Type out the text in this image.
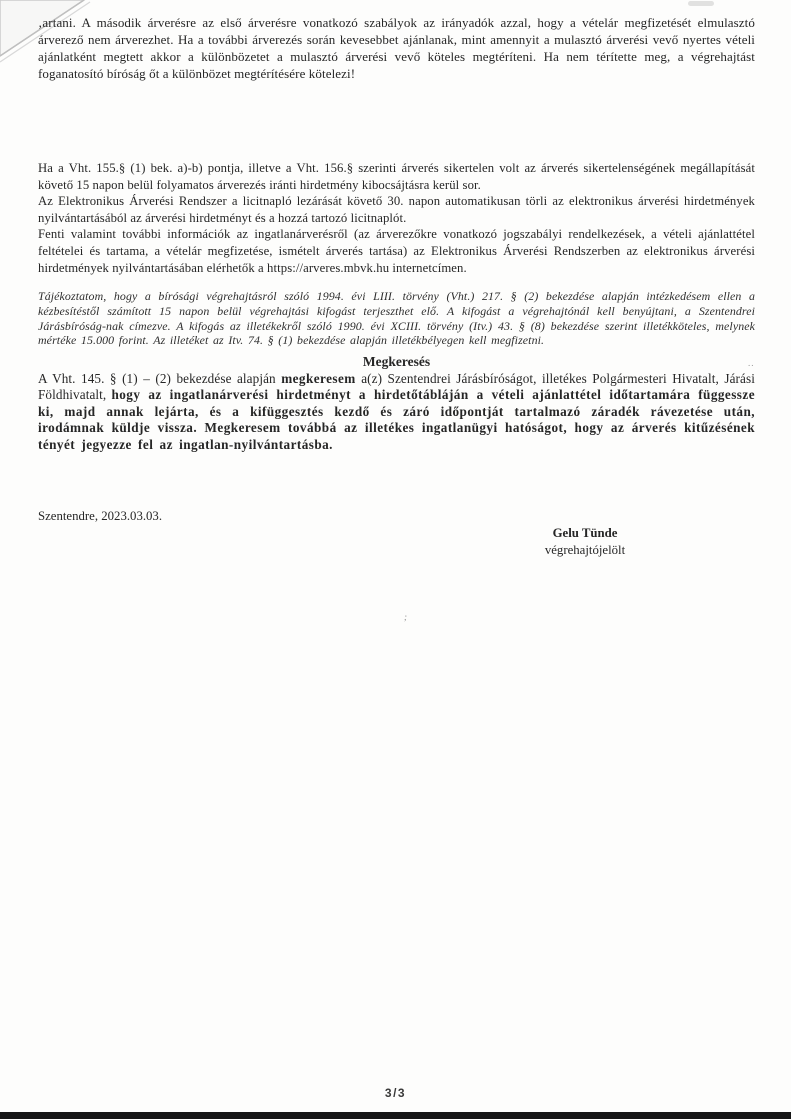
‚artani. A második árverésre az első árverésre vonatkozó szabályok az irányadók azzal, hogy a vételár megfizetését elmulasztó árverező nem árverezhet. Ha a további árverezés során kevesebbet ajánlanak, mint amennyit a mulasztó árverési vevő nyertes vételi ajánlatként megtett akkor a különbözetet a mulasztó árverési vevő köteles megtéríteni. Ha nem térítette meg, a végrehajtást foganatosító bíróság őt a különbözet megtérítésére kötelezi!

Ha a Vht. 155.§ (1) bek. a)-b) pontja, illetve a Vht. 156.§ szerinti árverés sikertelen volt az árverés sikertelenségének megállapítását követő 15 napon belül folyamatos árverezés iránti hirdetmény kibocsájtásra kerül sor.

Az Elektronikus Árverési Rendszer a licitnapló lezárását követő 30. napon automatikusan törli az elektronikus árverési hirdetmények nyilvántartásából az árverési hirdetményt és a hozzá tartozó licitnaplót.

Fenti valamint további információk az ingatlanárverésről (az árverezőkre vonatkozó jogszabályi rendelkezések, a vételi ajánlattétel feltételei és tartama, a vételár megfizetése, ismételt árverés tartása) az Elektronikus Árverési Rendszerben az elektronikus árverési hirdetmények nyilvántartásában elérhetők a https://arveres.mbvk.hu internetcímen.

Tájékoztatom, hogy a bírósági végrehajtásról szóló 1994. évi LIII. törvény (Vht.) 217. § (2) bekezdése alapján intézkedésem ellen a kézbesítéstől számított 15 napon belül végrehajtási kifogást terjeszthet elő. A kifogást a végrehajtónál kell benyújtani, a Szentendrei Járásbíróság-nak címezve. A kifogás az illetékekről szóló 1990. évi XCIII. törvény (Itv.) 43. § (8) bekezdése szerint illetékköteles, melynek mértéke 15.000 forint. Az illetéket az Itv. 74. § (1) bekezdése alapján illetékbélyegen kell megfizetni.
Megkeresés	..
A Vht. 145. § (1) – (2) bekezdése alapján megkeresem a(z) Szentendrei Járásbíróságot, illetékes Polgármesteri Hivatalt, Járási Földhivatalt, hogy az ingatlanárverési hirdetményt a hirdetőtábláján a vételi ajánlattétel időtartamára függessze ki, majd annak lejárta, és a kifüggesztés kezdő és záró időpontját tartalmazó záradék rávezetése után, irodámnak küldje vissza. Megkeresem továbbá az illetékes ingatlanügyi hatóságot, hogy az árverés kitűzésének tényét jegyezze fel az ingatlan-nyilvántartásba.
Szentendre, 2023.03.03.
Gelu Tünde
végrehajtójelölt
;
3/3
